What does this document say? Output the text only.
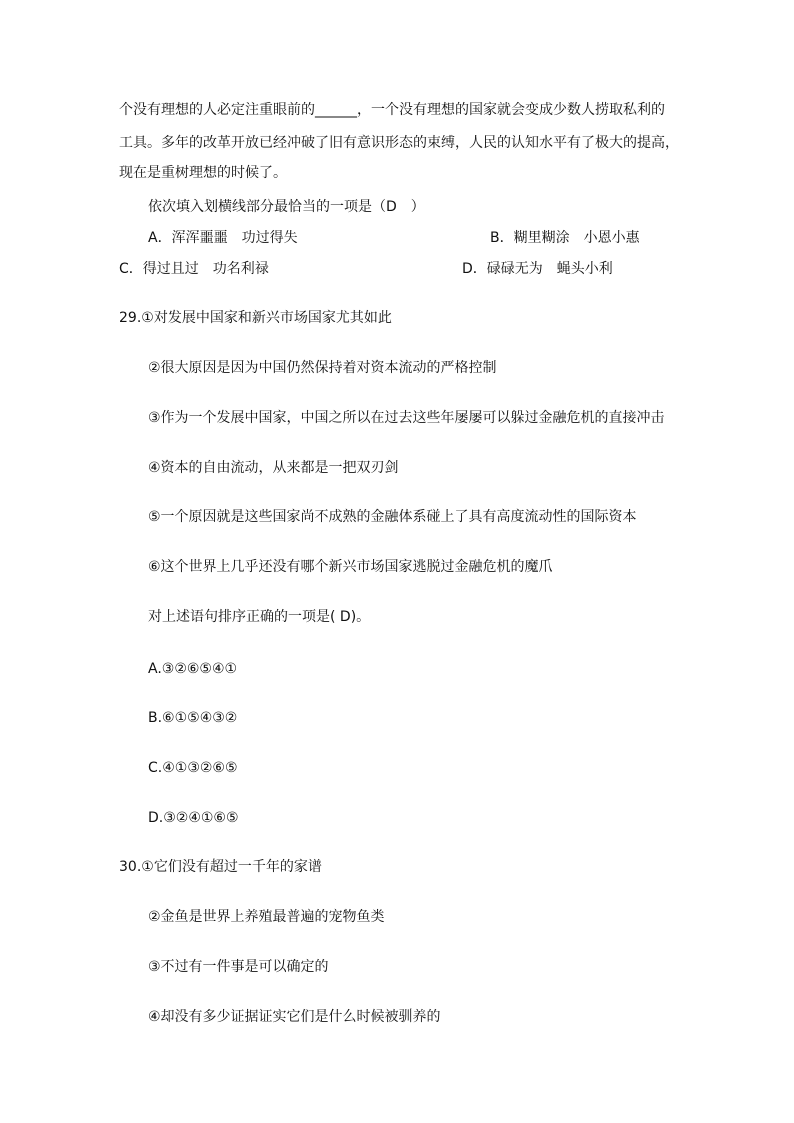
个没有理想的人必定注重眼前的______，一个没有理想的国家就会变成少数人捞取私利的
工具。多年的改革开放已经冲破了旧有意识形态的束缚，人民的认知水平有了极大的提高，
现在是重树理想的时候了。
依次填入划横线部分最恰当的一项是（D　）
A．浑浑噩噩　功过得失	B．糊里糊涂　小恩小惠
C．得过且过　功名利禄	D．碌碌无为　蝇头小利
29.①对发展中国家和新兴市场国家尤其如此
②很大原因是因为中国仍然保持着对资本流动的严格控制
③作为一个发展中国家，中国之所以在过去这些年屡屡可以躲过金融危机的直接冲击
④资本的自由流动，从来都是一把双刃剑
⑤一个原因就是这些国家尚不成熟的金融体系碰上了具有高度流动性的国际资本
⑥这个世界上几乎还没有哪个新兴市场国家逃脱过金融危机的魔爪
对上述语句排序正确的一项是( D)。
A.③②⑥⑤④①
B.⑥①⑤④③②
C.④①③②⑥⑤
D.③②④①⑥⑤
30.①它们没有超过一千年的家谱
②金鱼是世界上养殖最普遍的宠物鱼类
③不过有一件事是可以确定的
④却没有多少证据证实它们是什么时候被驯养的
